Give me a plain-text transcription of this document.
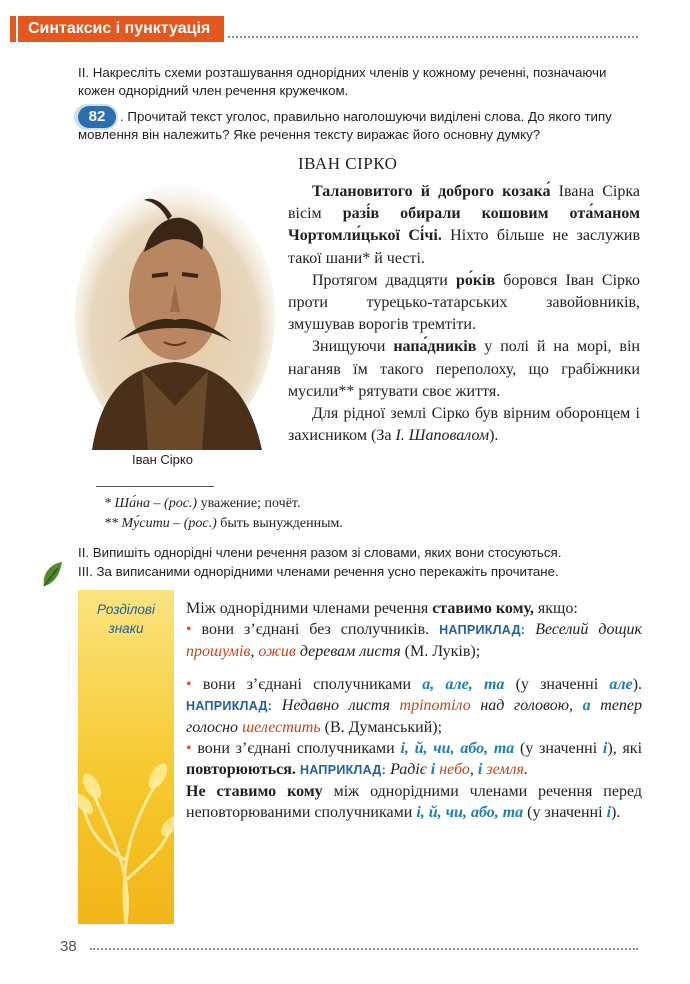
Синтаксис і пунктуація
II. Накресліть схеми розташування однорідних членів у кожному реченні, позначаючи кожен однорідний член речення кружечком.
82	. Прочитай текст уголос, правильно наголошуючи виділені слова. До якого типу мовлення він належить? Яке речення тексту виражає його основну думку?
ІВАН СІРКО
Іван Сірко

Талановитого й доброго козака́ Івана Сірка вісім разі́в обирали кошовим ота́маном Чортомли́цької Сі́чі. Ніхто більше не заслужив такої шани* й честі.

Протягом двадцяти ро́ків боровся Іван Сірко проти турецько-татарських завойовників, змушував ворогів тремтіти.

Знищуючи напа́дників у полі й на морі, він наганяв їм такого переполоху, що грабіжники мусили** рятувати своє життя.

Для рідної землі Сірко був вірним оборонцем і захисником (За І. Шаповалом).

* Ша́на – (рос.) уважение; почёт.
** Му́сити – (рос.) быть вынужденным.
II. Випишіть однорідні члени речення разом зі словами, яких вони стосуються.
III. За виписаними однорідними членами речення усно перекажіть прочитане.
Розділові знаки

Між однорідними членами речення ставимо кому, якщо:

• вони з’єднані без сполучників. НАПРИКЛАД: Веселий дощик прошумів, ожив деревам листя (М. Луків);

• вони з’єднані сполучниками а, але, та (у значенні але). НАПРИКЛАД: Недавно листя тріпотіло над головою, а тепер голосно шелестить (В. Думанський);

• вони з’єднані сполучниками і, й, чи, або, та (у значенні і), які повторюються. НАПРИКЛАД: Радіє і небо, і земля.

Не ставимо кому між однорідними членами речення перед неповторюваними сполучниками і, й, чи, або, та (у значенні і).

38
